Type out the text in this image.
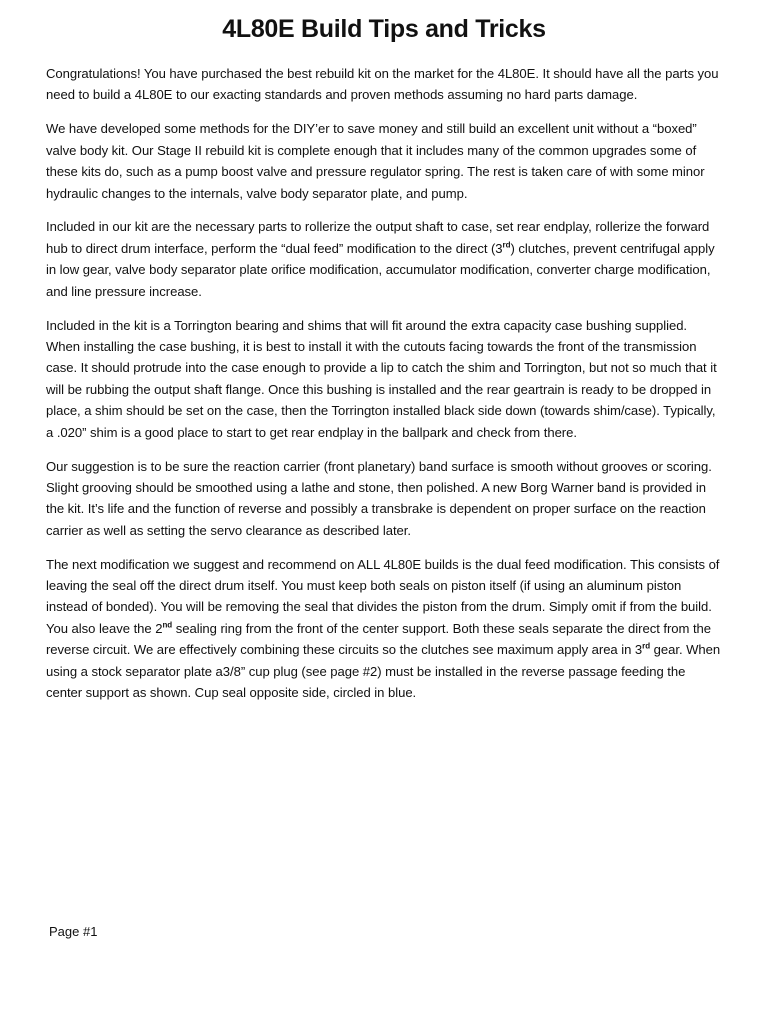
4L80E Build Tips and Tricks

Congratulations! You have purchased the best rebuild kit on the market for the 4L80E. It should have all the parts you need to build a 4L80E to our exacting standards and proven methods assuming no hard parts damage.

We have developed some methods for the DIY’er to save money and still build an excellent unit without a “boxed” valve body kit. Our Stage II rebuild kit is complete enough that it includes many of the common upgrades some of these kits do, such as a pump boost valve and pressure regulator spring. The rest is taken care of with some minor hydraulic changes to the internals, valve body separator plate, and pump.

Included in our kit are the necessary parts to rollerize the output shaft to case, set rear endplay, rollerize the forward hub to direct drum interface, perform the “dual feed” modification to the direct (3rd) clutches, prevent centrifugal apply in low gear, valve body separator plate orifice modification, accumulator modification, converter charge modification, and line pressure increase.

Included in the kit is a Torrington bearing and shims that will fit around the extra capacity case bushing supplied. When installing the case bushing, it is best to install it with the cutouts facing towards the front of the transmission case. It should protrude into the case enough to provide a lip to catch the shim and Torrington, but not so much that it will be rubbing the output shaft flange. Once this bushing is installed and the rear geartrain is ready to be dropped in place, a shim should be set on the case, then the Torrington installed black side down (towards shim/case). Typically, a .020” shim is a good place to start to get rear endplay in the ballpark and check from there.

Our suggestion is to be sure the reaction carrier (front planetary) band surface is smooth without grooves or scoring. Slight grooving should be smoothed using a lathe and stone, then polished. A new Borg Warner band is provided in the kit. It’s life and the function of reverse and possibly a transbrake is dependent on proper surface on the reaction carrier as well as setting the servo clearance as described later.

The next modification we suggest and recommend on ALL 4L80E builds is the dual feed modification. This consists of leaving the seal off the direct drum itself. You must keep both seals on piston itself (if using an aluminum piston instead of bonded). You will be removing the seal that divides the piston from the drum. Simply omit if from the build. You also leave the 2nd sealing ring from the front of the center support. Both these seals separate the direct from the reverse circuit. We are effectively combining these circuits so the clutches see maximum apply area in 3rd gear. When using a stock separator plate a3/8” cup plug (see page #2) must be installed in the reverse passage feeding the center support as shown. Cup seal opposite side, circled in blue.

Page #1
